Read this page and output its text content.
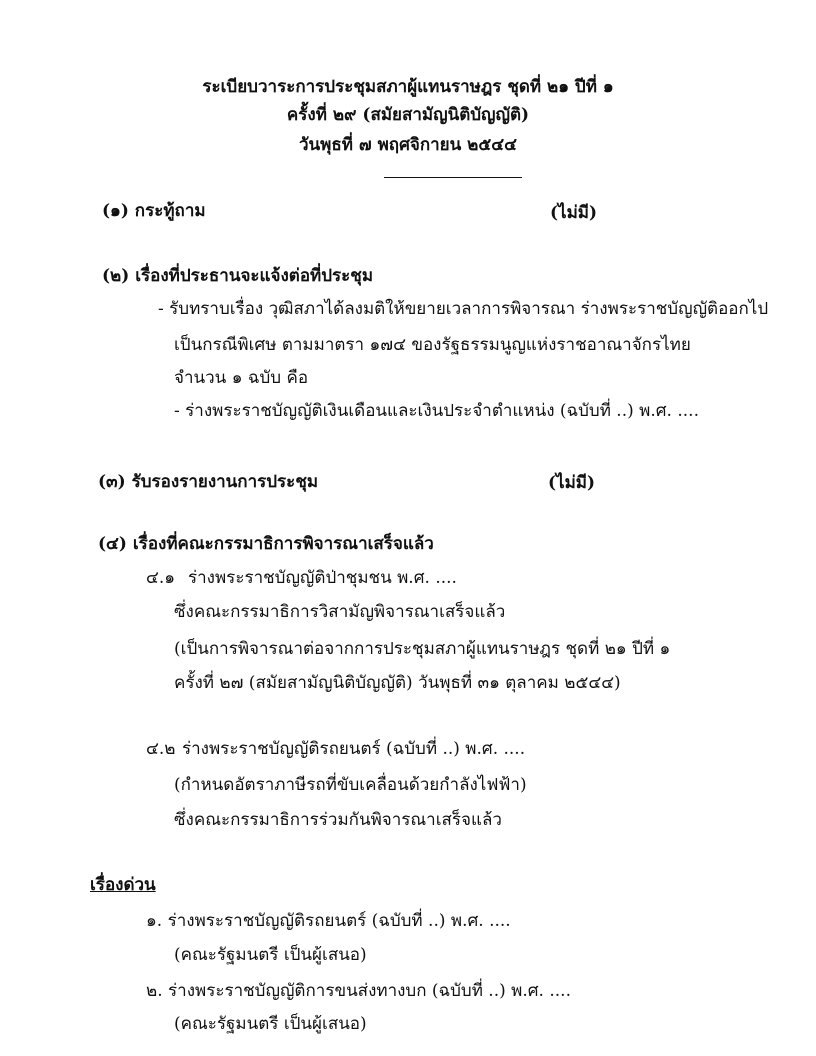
ระเบียบวาระการประชุมสภาผู้แทนราษฎร ชุดที่ ๒๑ ปีที่ ๑
ครั้งที่ ๒๙ (สมัยสามัญนิติบัญญัติ)
วันพุธที่ ๗ พฤศจิกายน ๒๕๔๔
(๑) กระทู้ถาม	(ไม่มี)
(๒) เรื่องที่ประธานจะแจ้งต่อที่ประชุม
- รับทราบเรื่อง วุฒิสภาได้ลงมติให้ขยายเวลาการพิจารณา ร่างพระราชบัญญัติออกไป
เป็นกรณีพิเศษ ตามมาตรา ๑๗๔ ของรัฐธรรมนูญแห่งราชอาณาจักรไทย
จำนวน ๑ ฉบับ คือ
- ร่างพระราชบัญญัติเงินเดือนและเงินประจำตำแหน่ง (ฉบับที่ ..) พ.ศ. ....
(๓) รับรองรายงานการประชุม	(ไม่มี)
(๔) เรื่องที่คณะกรรมาธิการพิจารณาเสร็จแล้ว
๔.๑ ร่างพระราชบัญญัติป่าชุมชน พ.ศ. ....
ซึ่งคณะกรรมาธิการวิสามัญพิจารณาเสร็จแล้ว
(เป็นการพิจารณาต่อจากการประชุมสภาผู้แทนราษฎร ชุดที่ ๒๑ ปีที่ ๑
ครั้งที่ ๒๗ (สมัยสามัญนิติบัญญัติ) วันพุธที่ ๓๑ ตุลาคม ๒๕๔๔)
๔.๒ ร่างพระราชบัญญัติรถยนตร์ (ฉบับที่ ..) พ.ศ. ....
(กำหนดอัตราภาษีรถที่ขับเคลื่อนด้วยกำลังไฟฟ้า)
ซึ่งคณะกรรมาธิการร่วมกันพิจารณาเสร็จแล้ว
เรื่องด่วน
๑. ร่างพระราชบัญญัติรถยนตร์ (ฉบับที่ ..) พ.ศ. ....
(คณะรัฐมนตรี เป็นผู้เสนอ)
๒. ร่างพระราชบัญญัติการขนส่งทางบก (ฉบับที่ ..) พ.ศ. ....
(คณะรัฐมนตรี เป็นผู้เสนอ)
